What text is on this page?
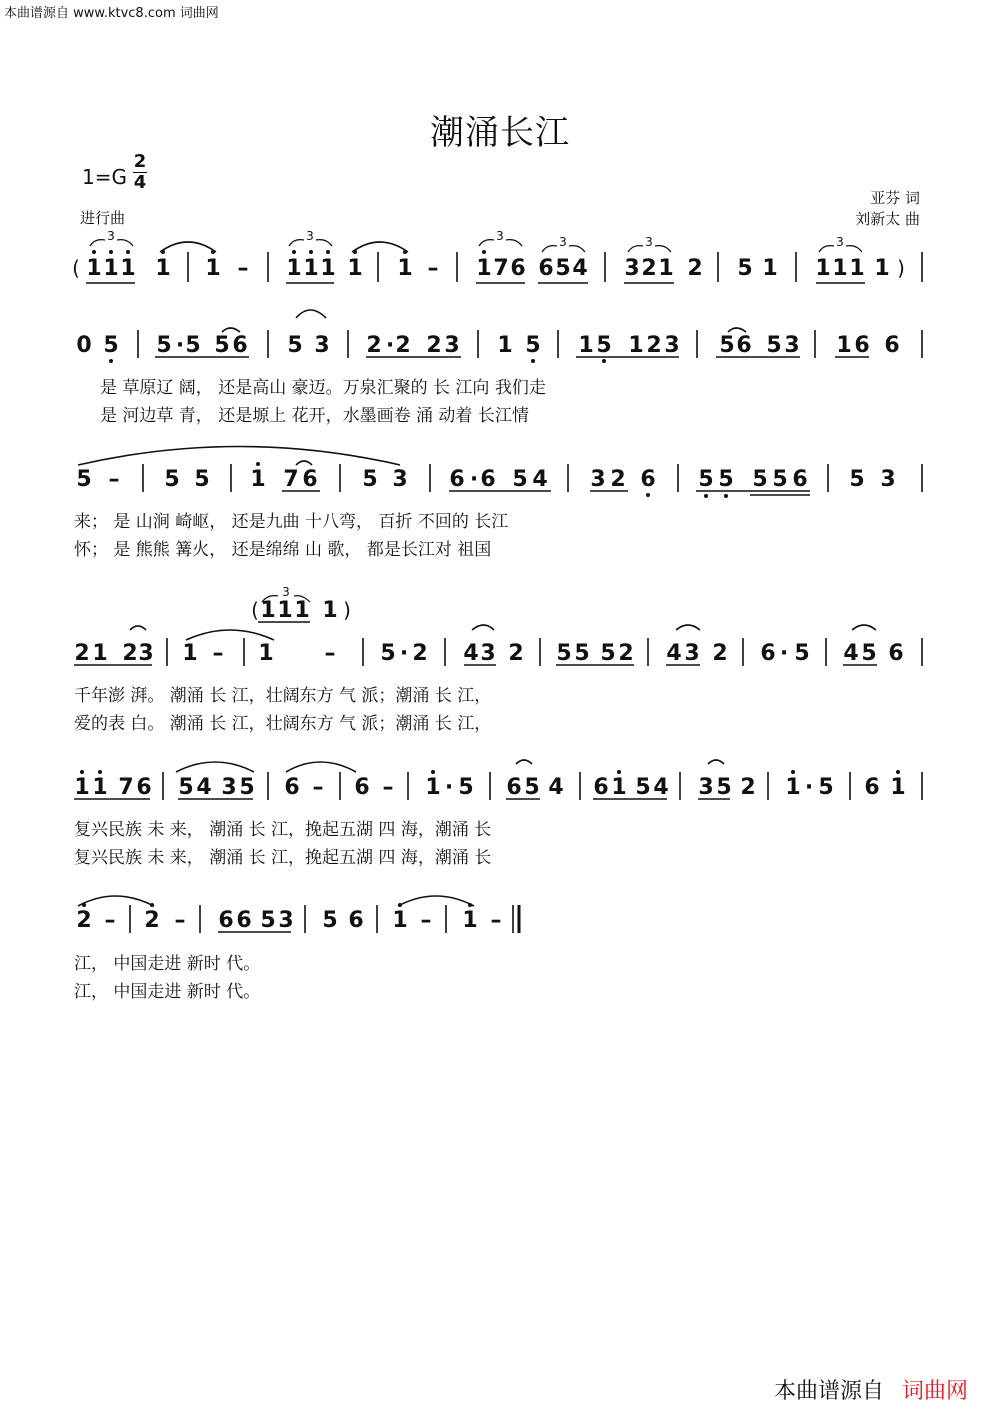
本曲谱源自 www.ktvc8.com 词曲网
潮涌长江
1=G
2
4
进行曲
亚芬 词
刘新太 曲
3	3	3	3	3	3
3
( 1 1 1 1 1 – 1 1 1 1 1 – 1 7 6 6 5 4 3 2 1 2 5 1 1 1 1 1 )
0 5 5 · 5 5 6 5 3 2 · 2 2 3 1 5 1 5 1 2 3 5 6 5 3 1 6 6
5 – 5 5 1 7 6 5 3 6 · 6 5 4 3 2 6 5 5 5 5 6 5 3
( 1 1 1 1 )
2 1 2 3 1 – 1 – 5 · 2 4 3 2 5 5 5 2 4 3 2 6 · 5 4 5 6
1 1 7 6 5 4 3 5 6 – 6 – 1 · 5 6 5 4 6 1 5 4 3 5 2 1 · 5 6 1
2 – 2 – 6 6 5 3 5 6 1 – 1 –
是 草原辽 阔， 还是高山 豪迈。万泉汇聚的 长 江向 我们走
是 河边草 青， 还是塬上 花开，水墨画卷 涌 动着 长江情
来； 是 山涧 崎岖， 还是九曲 十八弯， 百折 不回的 长江
怀； 是 熊熊 篝火， 还是绵绵 山 歌， 都是长江对 祖国
千年澎 湃。 潮涌 长 江，壮阔东方 气 派；潮涌 长 江，
爱的表 白。 潮涌 长 江，壮阔东方 气 派；潮涌 长 江，
复兴民族 未 来， 潮涌 长 江，挽起五湖 四 海，潮涌 长
复兴民族 未 来， 潮涌 长 江，挽起五湖 四 海，潮涌 长
江， 中国走进 新时 代。
江， 中国走进 新时 代。
本曲谱源自 词曲网
